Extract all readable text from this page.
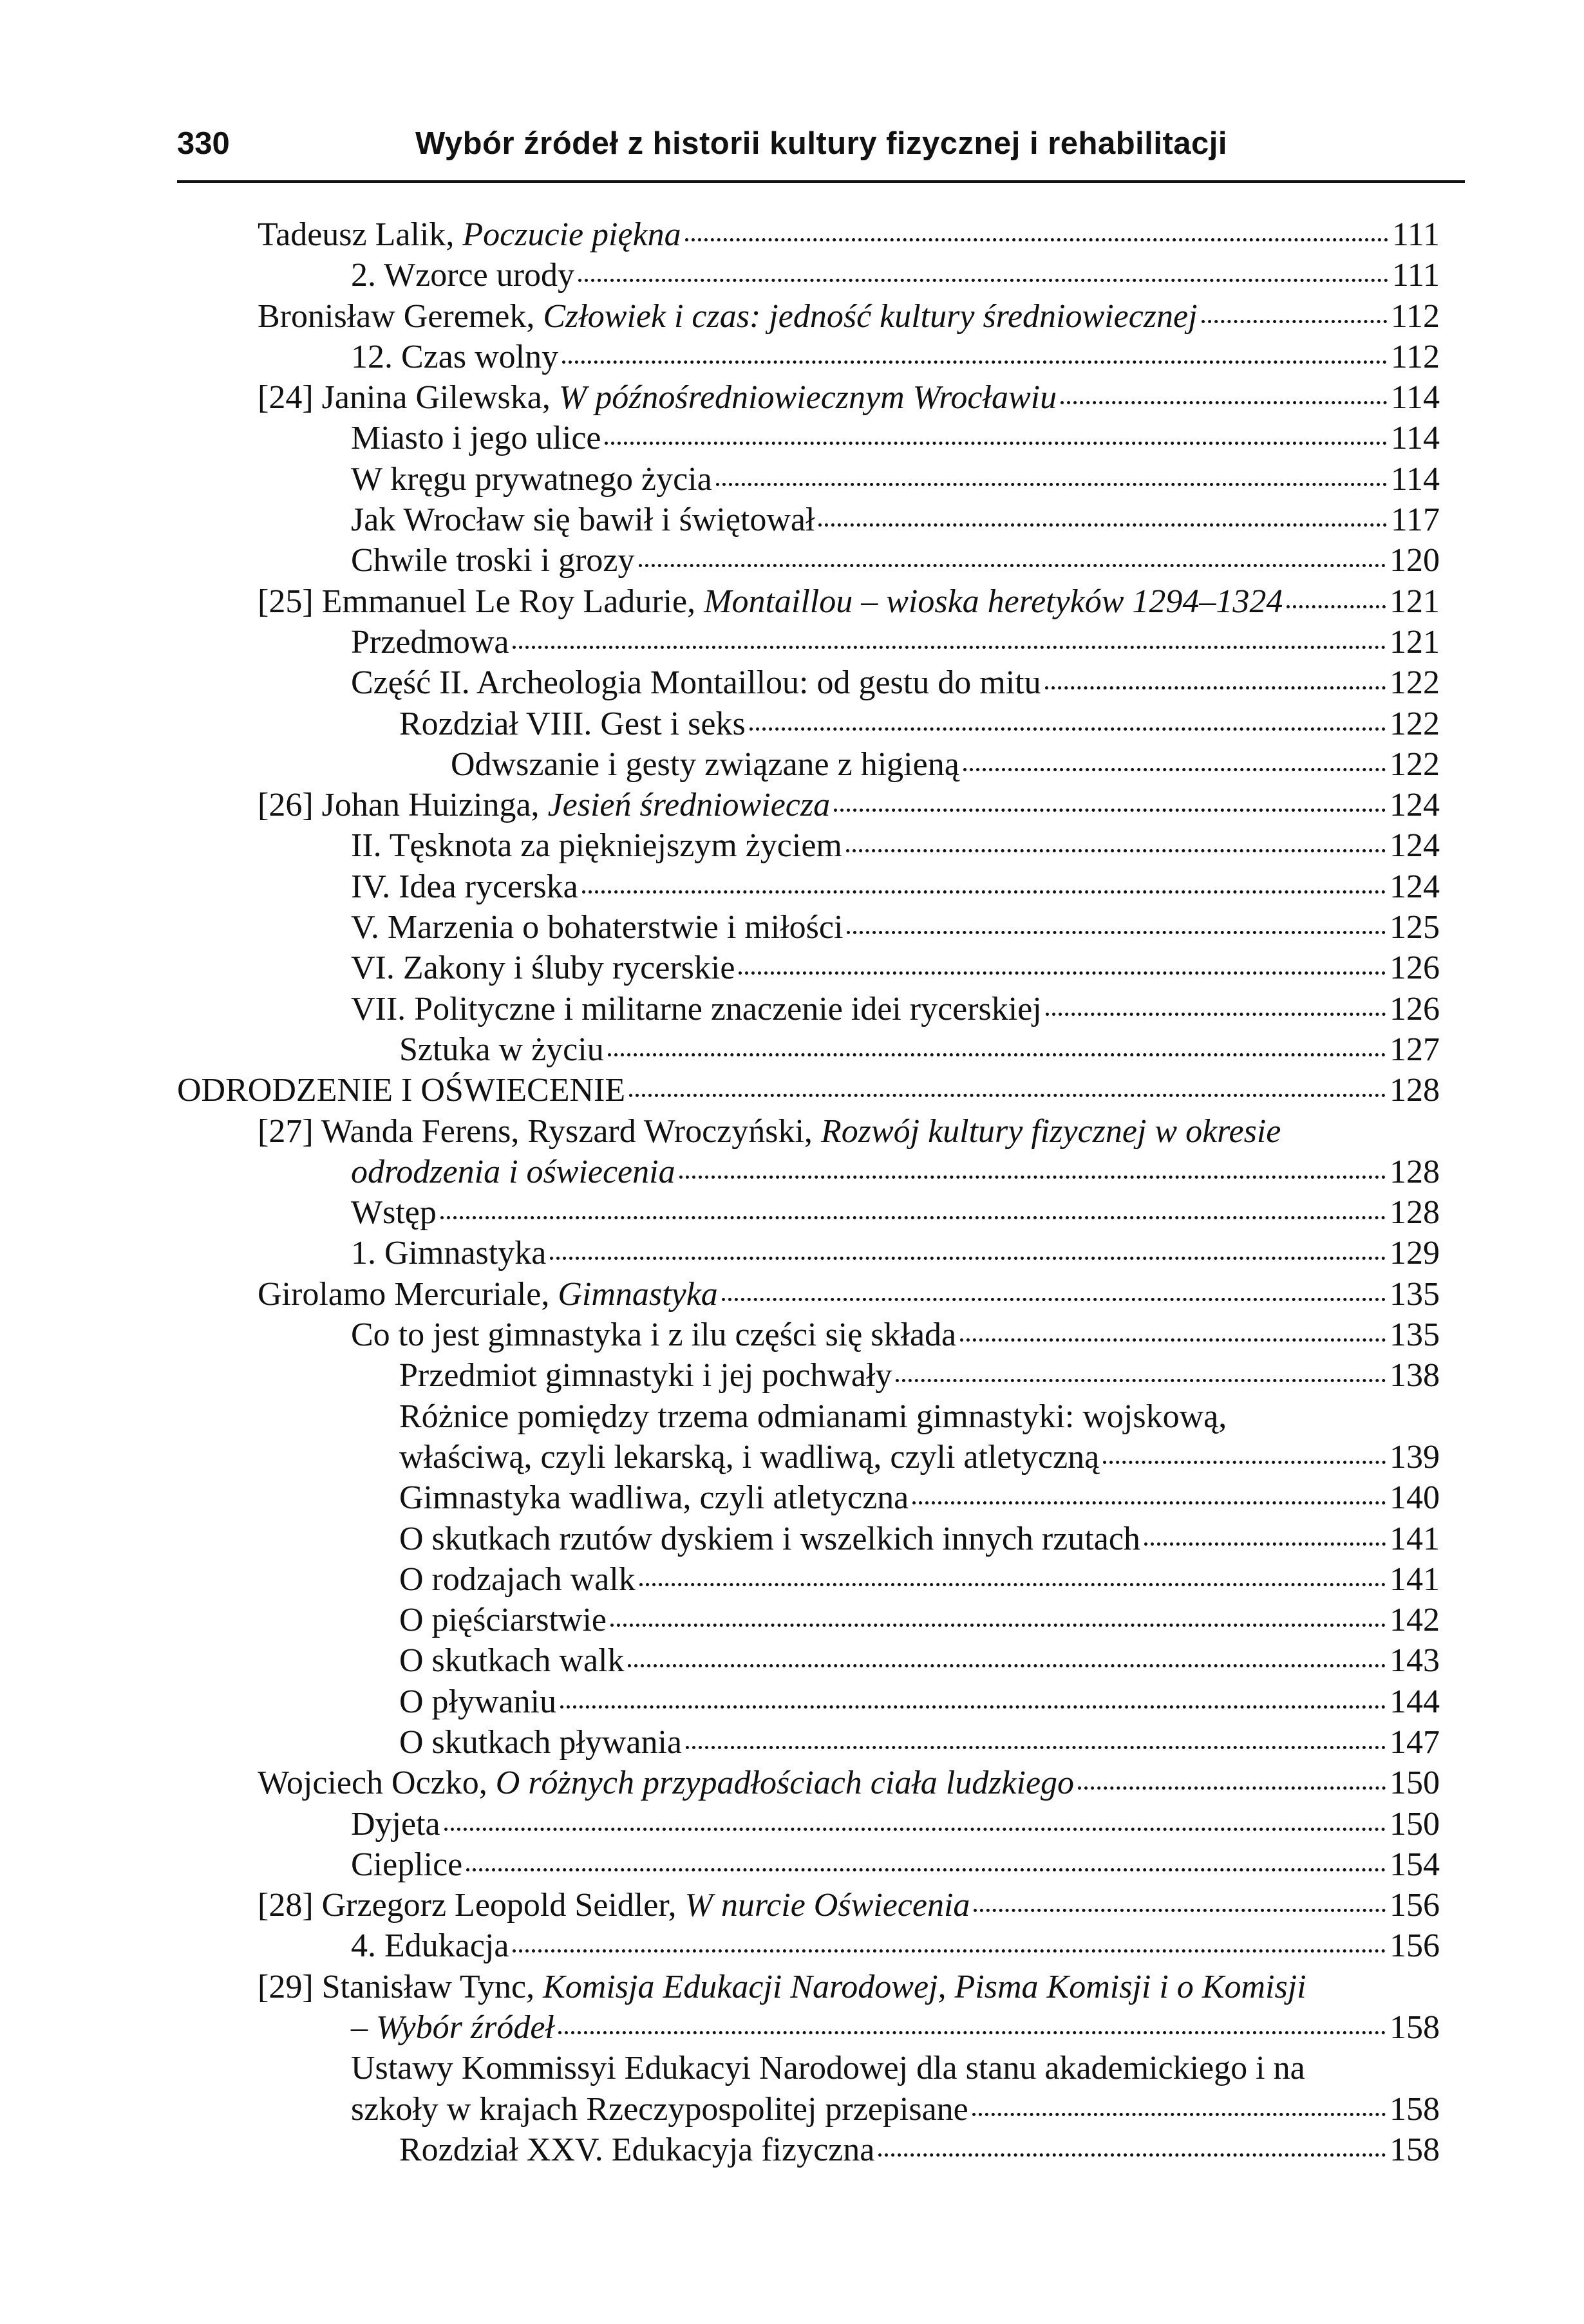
330	Wybór źródeł z historii kultury fizycznej i rehabilitacji
Tadeusz Lalik, Poczucie piękna	111
2. Wzorce urody	111
Bronisław Geremek, Człowiek i czas: jedność kultury średniowiecznej	112
12. Czas wolny	112
[24] Janina Gilewska, W późnośredniowiecznym Wrocławiu	114
Miasto i jego ulice	114
W kręgu prywatnego życia	114
Jak Wrocław się bawił i świętował	117
Chwile troski i grozy	120
[25] Emmanuel Le Roy Ladurie, Montaillou – wioska heretyków 1294–1324	121
Przedmowa	121
Część II. Archeologia Montaillou: od gestu do mitu	122
Rozdział VIII. Gest i seks	122
Odwszanie i gesty związane z higieną	122
[26] Johan Huizinga, Jesień średniowiecza	124
II. Tęsknota za piękniejszym życiem	124
IV. Idea rycerska	124
V. Marzenia o bohaterstwie i miłości	125
VI. Zakony i śluby rycerskie	126
VII. Polityczne i militarne znaczenie idei rycerskiej	126
Sztuka w życiu	127
ODRODZENIE I OŚWIECENIE	128
[27] Wanda Ferens, Ryszard Wroczyński, Rozwój kultury fizycznej w okresie
odrodzenia i oświecenia	128
Wstęp	128
1. Gimnastyka	129
Girolamo Mercuriale, Gimnastyka	135
Co to jest gimnastyka i z ilu części się składa	135
Przedmiot gimnastyki i jej pochwały	138
Różnice pomiędzy trzema odmianami gimnastyki: wojskową,
właściwą, czyli lekarską, i wadliwą, czyli atletyczną	139
Gimnastyka wadliwa, czyli atletyczna	140
O skutkach rzutów dyskiem i wszelkich innych rzutach	141
O rodzajach walk	141
O pięściarstwie	142
O skutkach walk	143
O pływaniu	144
O skutkach pływania	147
Wojciech Oczko, O różnych przypadłościach ciała ludzkiego	150
Dyjeta	150
Cieplice	154
[28] Grzegorz Leopold Seidler, W nurcie Oświecenia	156
4. Edukacja	156
[29] Stanisław Tync, Komisja Edukacji Narodowej, Pisma Komisji i o Komisji
– Wybór źródeł	158
Ustawy Kommissyi Edukacyi Narodowej dla stanu akademickiego i na
szkoły w krajach Rzeczypospolitej przepisane	158
Rozdział XXV. Edukacyja fizyczna	158
